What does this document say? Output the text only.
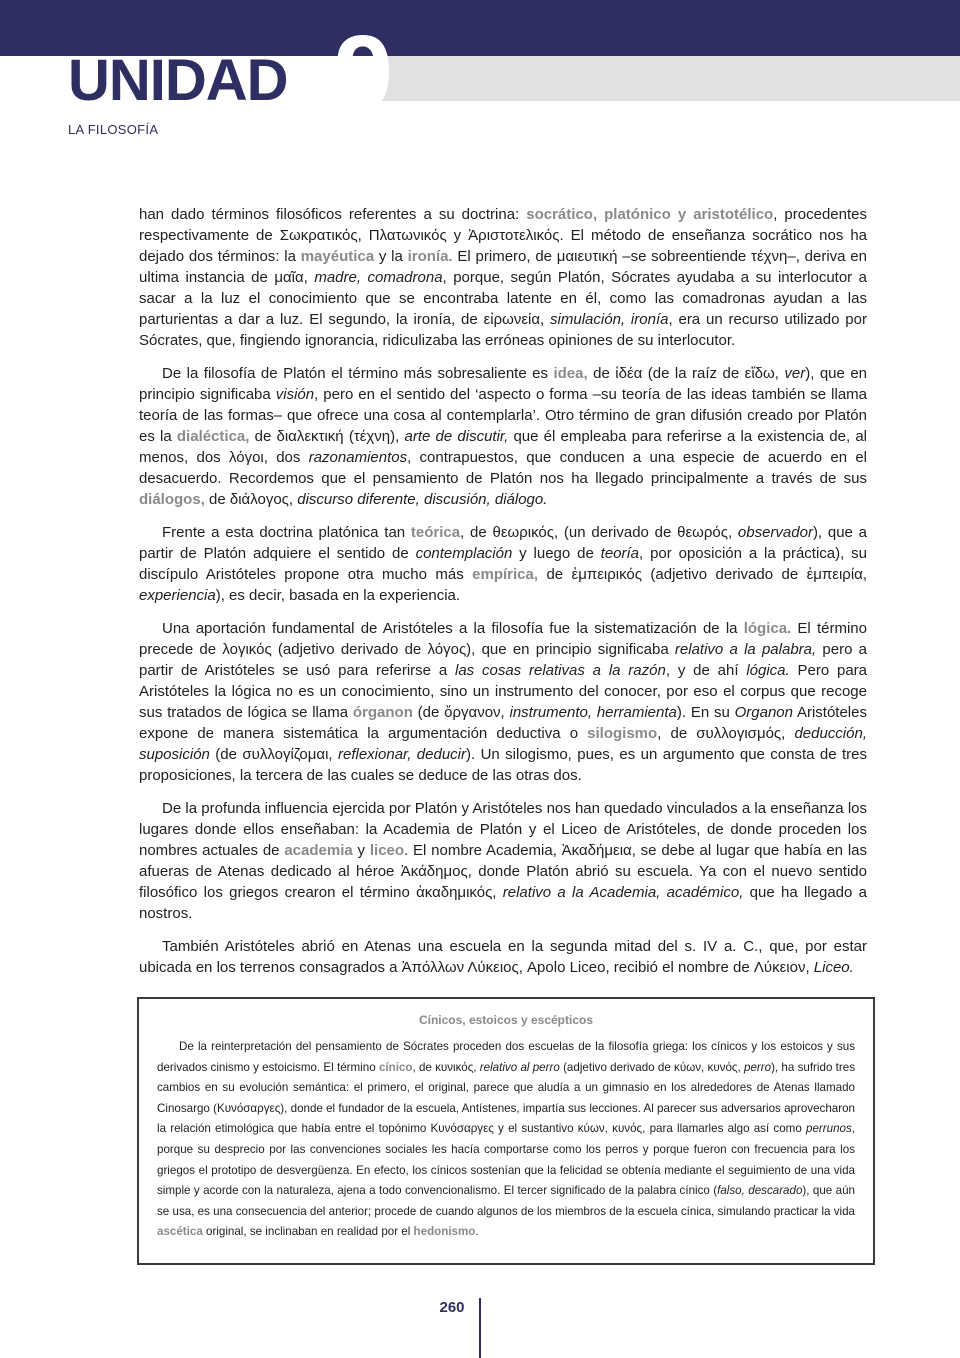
UNIDAD 9
LA FILOSOFÍA

han dado términos filosóficos referentes a su doctrina: socrático, platónico y aristotélico, procedentes respectivamente de Σωκρατικός, Πλατωνικός y Ἀριστοτελικός. El método de enseñanza socrático nos ha dejado dos términos: la mayéutica y la ironía. El primero, de μαιευτική –se sobreentiende τέχνη–, deriva en ultima instancia de μαῖα, madre, comadrona, porque, según Platón, Sócrates ayudaba a su interlocutor a sacar a la luz el conocimiento que se encontraba latente en él, como las comadronas ayudan a las parturientas a dar a luz. El segundo, la ironía, de εἰρωνεία, simulación, ironía, era un recurso utilizado por Sócrates, que, fingiendo ignorancia, ridiculizaba las erróneas opiniones de su interlocutor.

De la filosofía de Platón el término más sobresaliente es idea, de ἰδέα (de la raíz de εἴδω, ver), que en principio significaba visión, pero en el sentido del ‘aspecto o forma –su teoría de las ideas también se llama teoría de las formas– que ofrece una cosa al contemplarla’. Otro término de gran difusión creado por Platón es la dialéctica, de διαλεκτική (τέχνη), arte de discutir, que él empleaba para referirse a la existencia de, al menos, dos λόγοι, dos razonamientos, contrapuestos, que conducen a una especie de acuerdo en el desacuerdo. Recordemos que el pensamiento de Platón nos ha llegado principalmente a través de sus diálogos, de διάλογος, discurso diferente, discusión, diálogo.

Frente a esta doctrina platónica tan teórica, de θεωρικός, (un derivado de θεωρός, observador), que a partir de Platón adquiere el sentido de contemplación y luego de teoría, por oposición a la práctica), su discípulo Aristóteles propone otra mucho más empírica, de ἐμπειρικός (adjetivo derivado de ἐμπειρία, experiencia), es decir, basada en la experiencia.

Una aportación fundamental de Aristóteles a la filosofía fue la sistematización de la lógica. El término precede de λογικός (adjetivo derivado de λόγος), que en principio significaba relativo a la palabra, pero a partir de Aristóteles se usó para referirse a las cosas relativas a la razón, y de ahí lógica. Pero para Aristóteles la lógica no es un conocimiento, sino un instrumento del conocer, por eso el corpus que recoge sus tratados de lógica se llama órganon (de ὄργανον, instrumento, herramienta). En su Organon Aristóteles expone de manera sistemática la argumentación deductiva o silogismo, de συλλογισμός, deducción, suposición (de συλλογίζομαι, reflexionar, deducir). Un silogismo, pues, es un argumento que consta de tres proposiciones, la tercera de las cuales se deduce de las otras dos.

De la profunda influencia ejercida por Platón y Aristóteles nos han quedado vinculados a la enseñanza los lugares donde ellos enseñaban: la Academia de Platón y el Liceo de Aristóteles, de donde proceden los nombres actuales de academia y liceo. El nombre Academia, Ἀκαδήμεια, se debe al lugar que había en las afueras de Atenas dedicado al héroe Ἀκάδημος, donde Platón abrió su escuela. Ya con el nuevo sentido filosófico los griegos crearon el término ἀκαδημικός, relativo a la Academia, académico, que ha llegado a nostros.

También Aristóteles abrió en Atenas una escuela en la segunda mitad del s. IV a. C., que, por estar ubicada en los terrenos consagrados a Ἀπόλλων Λύκειος, Apolo Liceo, recibió el nombre de Λύκειον, Liceo.

Cínicos, estoicos y escépticos

De la reinterpretación del pensamiento de Sócrates proceden dos escuelas de la filosofía griega: los cínicos y los estoicos y sus derivados cinismo y estoicismo. El término cínico, de κυνικός, relativo al perro (adjetivo derivado de κύων, κυνός, perro), ha sufrido tres cambios en su evolución semántica: el primero, el original, parece que aludía a un gimnasio en los alrededores de Atenas llamado Cinosargo (Κυνόσαργες), donde el fundador de la escuela, Antístenes, impartía sus lecciones. Al parecer sus adversarios aprovecharon la relación etimológica que había entre el topónimo Κυνόσαργες y el sustantivo κύων, κυνός, para llamarles algo así como perrunos, porque su desprecio por las convenciones sociales les hacía comportarse como los perros y porque fueron con frecuencia para los griegos el prototipo de desvergüenza. En efecto, los cínicos sostenían que la felicidad se obtenía mediante el seguimiento de una vida simple y acorde con la naturaleza, ajena a todo convencionalismo. El tercer significado de la palabra cínico (falso, descarado), que aún se usa, es una consecuencia del anterior; procede de cuando algunos de los miembros de la escuela cínica, simulando practicar la vida ascética original, se inclinaban en realidad por el hedonismo.

260
